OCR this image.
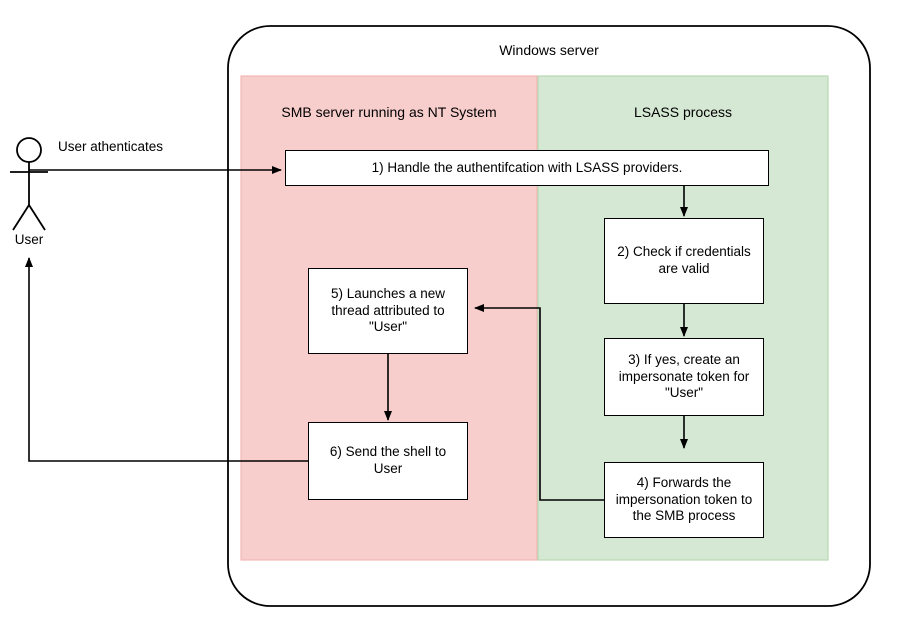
Windows server
SMB server running as NT System	LSASS process
User
User athenticates
1) Handle the authentifcation with LSASS providers.
2) Check if credentials are valid
3) If yes, create an impersonate token for "User"
4) Forwards the impersonation token to the SMB process
5) Launches a new thread attributed to "User"
6) Send the shell to User
